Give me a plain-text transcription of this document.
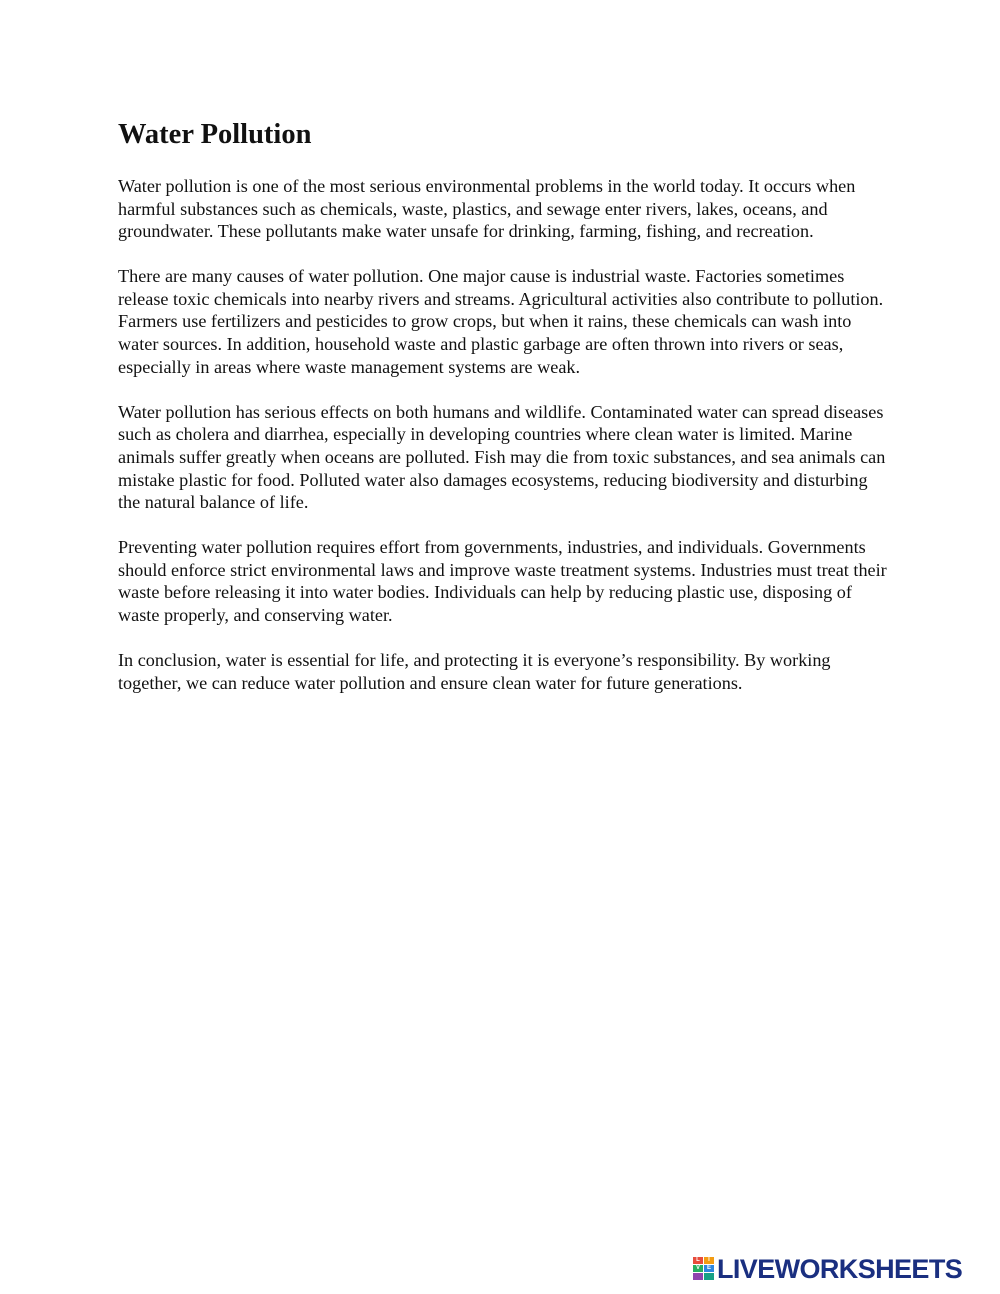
Water Pollution

Water pollution is one of the most serious environmental problems in the world today. It occurs when harmful substances such as chemicals, waste, plastics, and sewage enter rivers, lakes, oceans, and groundwater. These pollutants make water unsafe for drinking, farming, fishing, and recreation.

There are many causes of water pollution. One major cause is industrial waste. Factories sometimes release toxic chemicals into nearby rivers and streams. Agricultural activities also contribute to pollution. Farmers use fertilizers and pesticides to grow crops, but when it rains, these chemicals can wash into water sources. In addition, household waste and plastic garbage are often thrown into rivers or seas, especially in areas where waste management systems are weak.

Water pollution has serious effects on both humans and wildlife. Contaminated water can spread diseases such as cholera and diarrhea, especially in developing countries where clean water is limited. Marine animals suffer greatly when oceans are polluted. Fish may die from toxic substances, and sea animals can mistake plastic for food. Polluted water also damages ecosystems, reducing biodiversity and disturbing the natural balance of life.

Preventing water pollution requires effort from governments, industries, and individuals. Governments should enforce strict environmental laws and improve waste treatment systems. Industries must treat their waste before releasing it into water bodies. Individuals can help by reducing plastic use, disposing of waste properly, and conserving water.

In conclusion, water is essential for life, and protecting it is everyone’s responsibility. By working together, we can reduce water pollution and ensure clean water for future generations.

L	I
V	E LIVEWORKSHEETS
